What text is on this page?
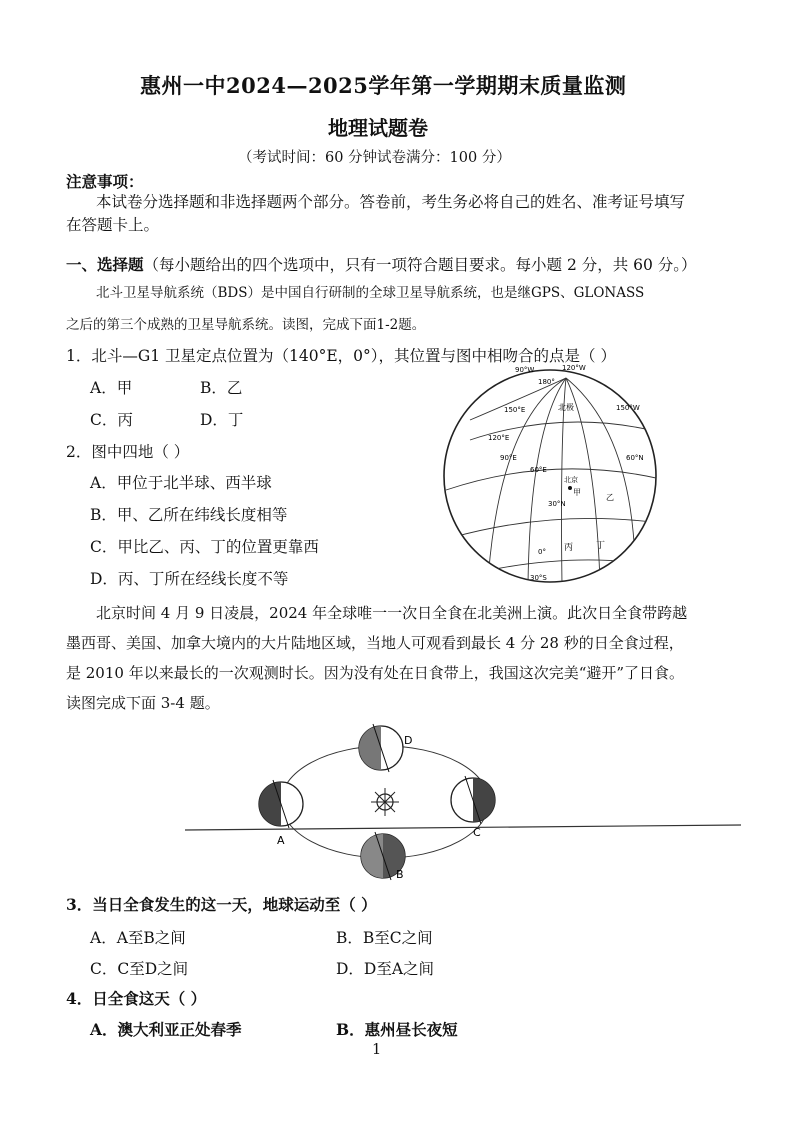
惠州一中2024—2025学年第一学期期末质量监测
地理试题卷
（考试时间：60 分钟试卷满分：100 分）
注意事项：
本试卷分选择题和非选择题两个部分。答卷前，考生务必将自己的姓名、准考证号填写
在答题卡上。
一、选择题（每小题给出的四个选项中，只有一项符合题目要求。每小题 2 分，共 60 分。）
北斗卫星导航系统（BDS）是中国自行研制的全球卫星导航系统，也是继GPS、GLONASS
之后的第三个成熟的卫星导航系统。读图，完成下面1-2题。
1．北斗—G1 卫星定点位置为（140°E，0°），其位置与图中相吻合的点是（ ）
A．甲	B．乙
C．丙	D．丁
2．图中四地（ ）
A．甲位于北半球、西半球
B．甲、乙所在纬线长度相等
C．甲比乙、丙、丁的位置更靠西
D．丙、丁所在经线长度不等
90°W	120°W
180°
150°W
北极
150°E
120°E
90°E
60°E
60°N
30°N
北京
甲
乙
丙	丁
0°
30°S
北京时间 4 月 9 日凌晨，2024 年全球唯一一次日全食在北美洲上演。此次日全食带跨越
墨西哥、美国、加拿大境内的大片陆地区域，当地人可观看到最长 4 分 28 秒的日全食过程，
是 2010 年以来最长的一次观测时长。因为没有处在日食带上，我国这次完美“避开”了日食。
读图完成下面 3-4 题。
A
B
C
D
3．当日全食发生的这一天，地球运动至（ ）
A．A至B之间	B．B至C之间
C．C至D之间	D．D至A之间
4．日全食这天（ ）
A．澳大利亚正处春季	B．惠州昼长夜短
1
